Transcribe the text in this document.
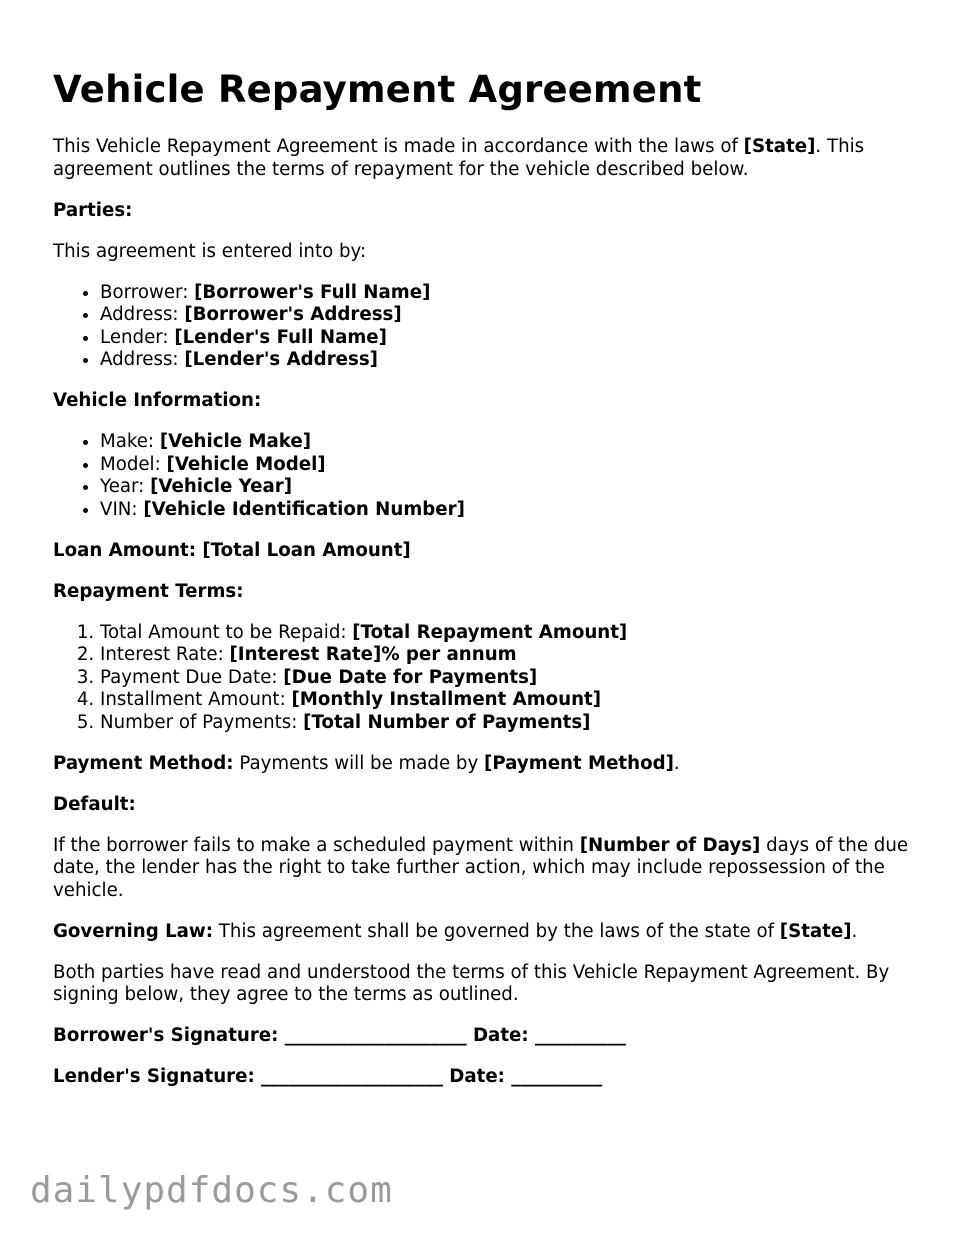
Vehicle Repayment Agreement

This Vehicle Repayment Agreement is made in accordance with the laws of [State]. This agreement outlines the terms of repayment for the vehicle described below.

Parties:

This agreement is entered into by:

• Borrower: [Borrower's Full Name]
• Address: [Borrower's Address]
• Lender: [Lender's Full Name]
• Address: [Lender's Address]

Vehicle Information:

• Make: [Vehicle Make]
• Model: [Vehicle Model]
• Year: [Vehicle Year]
• VIN: [Vehicle Identification Number]

Loan Amount: [Total Loan Amount]

Repayment Terms:

1. Total Amount to be Repaid: [Total Repayment Amount]
2. Interest Rate: [Interest Rate]% per annum
3. Payment Due Date: [Due Date for Payments]
4. Installment Amount: [Monthly Installment Amount]
5. Number of Payments: [Total Number of Payments]

Payment Method: Payments will be made by [Payment Method].

Default:

If the borrower fails to make a scheduled payment within [Number of Days] days of the due date, the lender has the right to take further action, which may include repossession of the vehicle.

Governing Law: This agreement shall be governed by the laws of the state of [State].

Both parties have read and understood the terms of this Vehicle Repayment Agreement. By signing below, they agree to the terms as outlined.

Borrower's Signature: ____________________ Date: __________

Lender's Signature: ____________________ Date: __________

dailypdfdocs.com
